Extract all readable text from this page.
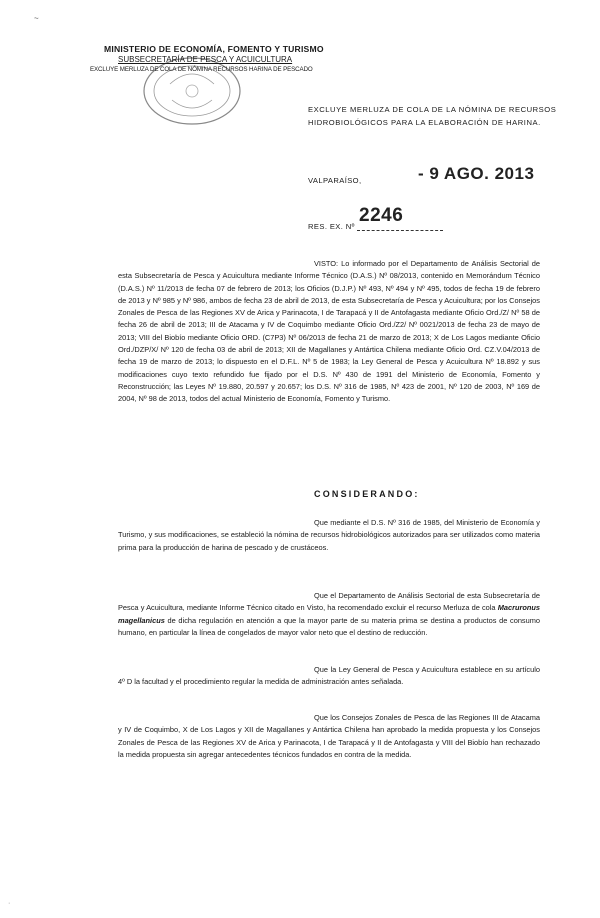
~
MINISTERIO DE ECONOMÍA, FOMENTO Y TURISMO
SUBSECRETARÍA DE PESCA Y ACUICULTURA
EXCLUYE MERLUZA DE COLA DE NÓMINA RECURSOS HARINA DE PESCADO
EXCLUYE MERLUZA DE COLA DE LA NÓMINA DE RECURSOS HIDROBIOLÓGICOS PARA LA ELABORACIÓN DE HARINA.
VALPARAÍSO,	- 9 AGO. 2013
RES. EX. Nº
2246
VISTO: Lo informado por el Departamento de Análisis Sectorial de esta Subsecretaría de Pesca y Acuicultura mediante Informe Técnico (D.A.S.) Nº 08/2013, contenido en Memorándum Técnico (D.A.S.) Nº 11/2013 de fecha 07 de febrero de 2013; los Oficios (D.J.P.) Nº 493, Nº 494 y Nº 495, todos de fecha 19 de febrero de 2013 y Nº 985 y Nº 986, ambos de fecha 23 de abril de 2013, de esta Subsecretaría de Pesca y Acuicultura; por los Consejos Zonales de Pesca de las Regiones XV de Arica y Parinacota, I de Tarapacá y II de Antofagasta mediante Oficio Ord./Z/ Nº 58 de fecha 26 de abril de 2013; III de Atacama y IV de Coquimbo mediante Oficio Ord./Z2/ Nº 0021/2013 de fecha 23 de mayo de 2013; VIII del Biobío mediante Oficio ORD. (C7P3) Nº 06/2013 de fecha 21 de marzo de 2013; X de Los Lagos mediante Oficio Ord./DZP/X/ Nº 120 de fecha 03 de abril de 2013; XII de Magallanes y Antártica Chilena mediante Oficio Ord. CZ.V.04/2013 de fecha 19 de marzo de 2013; lo dispuesto en el D.F.L. Nº 5 de 1983; la Ley General de Pesca y Acuicultura Nº 18.892 y sus modificaciones cuyo texto refundido fue fijado por el D.S. Nº 430 de 1991 del Ministerio de Economía, Fomento y Reconstrucción; las Leyes Nº 19.880, 20.597 y 20.657; los D.S. Nº 316 de 1985, Nº 423 de 2001, Nº 120 de 2003, Nº 169 de 2004, Nº 98 de 2013, todos del actual Ministerio de Economía, Fomento y Turismo.
CONSIDERANDO:
Que mediante el D.S. Nº 316 de 1985, del Ministerio de Economía y Turismo, y sus modificaciones, se estableció la nómina de recursos hidrobiológicos autorizados para ser utilizados como materia prima para la producción de harina de pescado y de crustáceos.
Que el Departamento de Análisis Sectorial de esta Subsecretaría de Pesca y Acuicultura, mediante Informe Técnico citado en Visto, ha recomendado excluir el recurso Merluza de cola Macruronus magellanicus de dicha regulación en atención a que la mayor parte de su materia prima se destina a productos de consumo humano, en particular la línea de congelados de mayor valor neto que el destino de reducción.
Que la Ley General de Pesca y Acuicultura establece en su artículo 4º D la facultad y el procedimiento regular la medida de administración antes señalada.
Que los Consejos Zonales de Pesca de las Regiones III de Atacama y IV de Coquimbo, X de Los Lagos y XII de Magallanes y Antártica Chilena han aprobado la medida propuesta y los Consejos Zonales de Pesca de las Regiones XV de Arica y Parinacota, I de Tarapacá y II de Antofagasta y VIII del Biobío han rechazado la medida propuesta sin agregar antecedentes técnicos fundados en contra de la medida.
·
